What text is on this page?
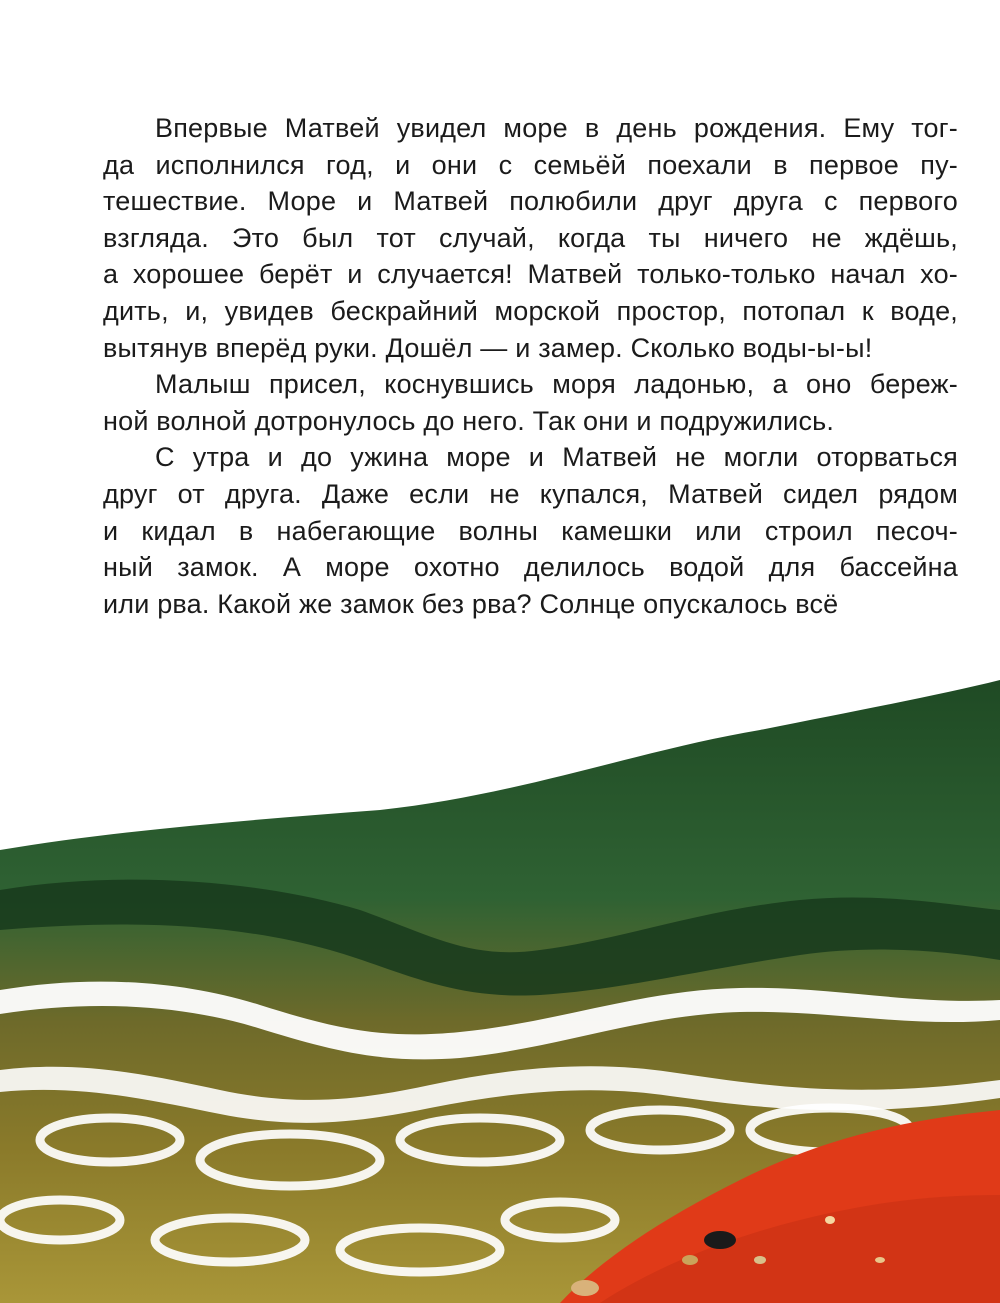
Впервые Матвей увидел море в день рождения. Ему тог-
да исполнился год, и они с семьёй поехали в первое пу-
тешествие. Море и Матвей полюбили друг друга с первого
взгляда. Это был тот случай, когда ты ничего не ждёшь,
а хорошее берёт и случается! Матвей только-только начал хо-
дить, и, увидев бескрайний морской простор, потопал к воде,
вытянув вперёд руки. Дошёл — и замер. Сколько воды-ы-ы!

Малыш присел, коснувшись моря ладонью, а оно береж-
ной волной дотронулось до него. Так они и подружились.

С утра и до ужина море и Матвей не могли оторваться
друг от друга. Даже если не купался, Матвей сидел рядом
и кидал в набегающие волны камешки или строил песоч-
ный замок. А море охотно делилось водой для бассейна
или рва. Какой же замок без рва? Солнце опускалось всё
